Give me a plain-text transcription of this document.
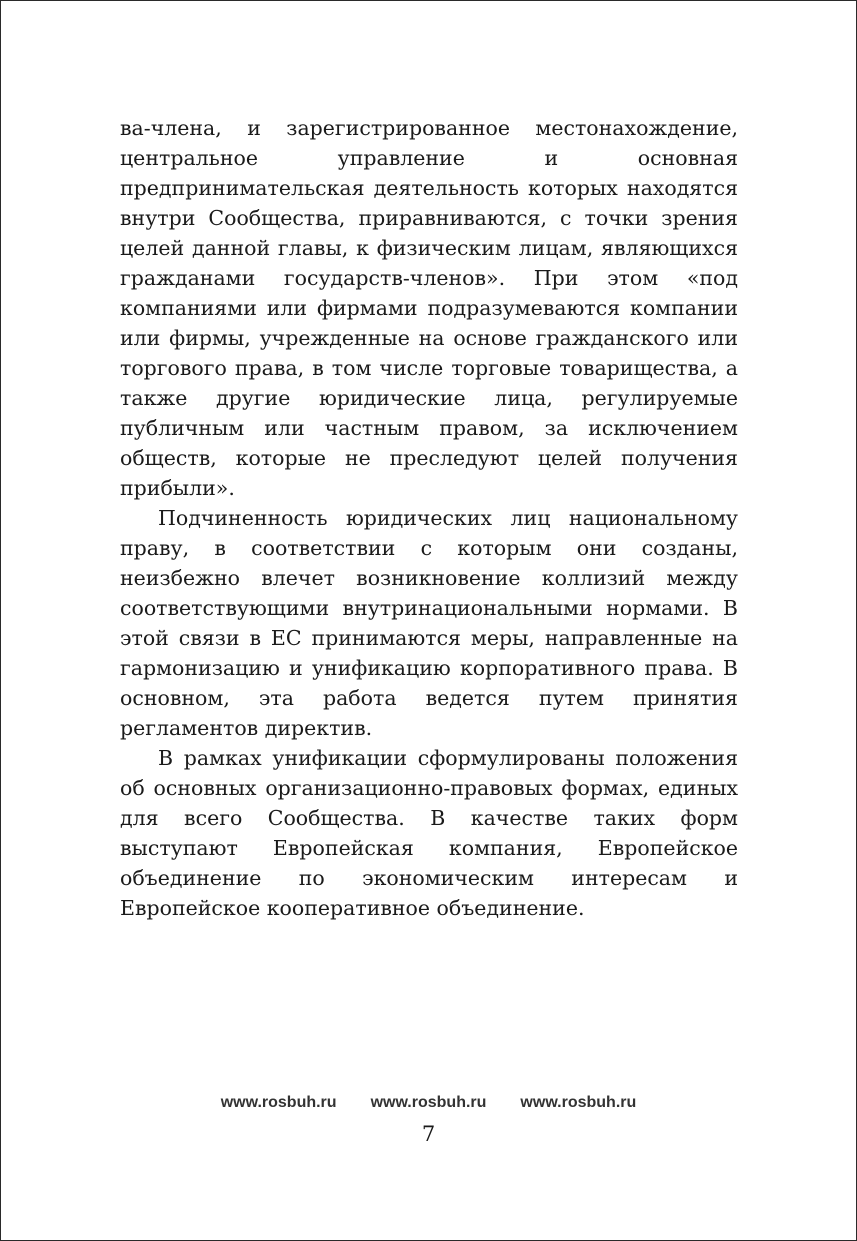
ва-члена, и зарегистрированное местонахождение, центральное управление и основная предпринимательская деятельность которых находятся внутри Сообщества, приравниваются, с точки зрения целей данной главы, к физическим лицам, являющихся гражданами государств-членов». При этом «под компаниями или фирмами подразумеваются компании или фирмы, учрежденные на основе гражданского или торгового права, в том числе торговые товарищества, а также другие юридические лица, регулируемые публичным или частным правом, за исключением обществ, которые не преследуют целей получения прибыли».

Подчиненность юридических лиц национальному праву, в соответствии с которым они созданы, неизбежно влечет возникновение коллизий между соответствующими внутринациональными нормами. В этой связи в ЕС принимаются меры, направленные на гармонизацию и унификацию корпоративного права. В основном, эта работа ведется путем принятия регламентов директив.

В рамках унификации сформулированы положения об основных организационно-правовых формах, единых для всего Сообщества. В качестве таких форм выступают Европейская компания, Европейское объединение по экономическим интересам и Европейское кооперативное объединение.

www.rosbuh.ru www.rosbuh.ru www.rosbuh.ru
7
